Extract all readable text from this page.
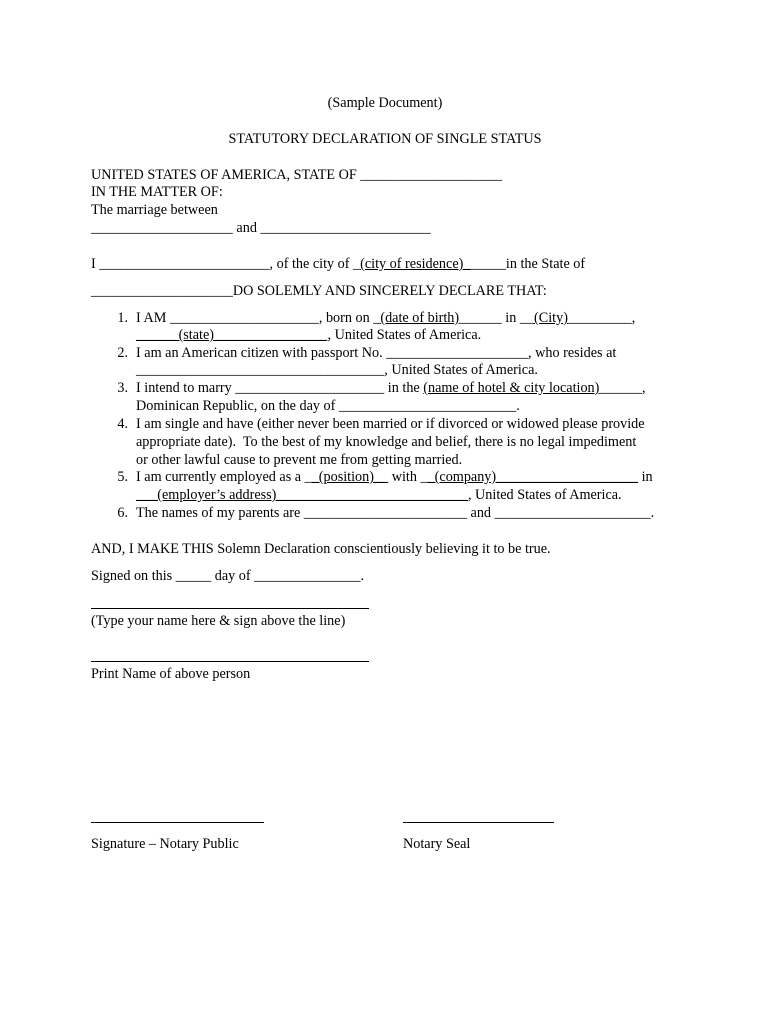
(Sample Document)
STATUTORY DECLARATION OF SINGLE STATUS
UNITED STATES OF AMERICA, STATE OF ____________________
IN THE MATTER OF:
The marriage between
____________________ and ________________________
I ________________________, of the city of _(city of residence)______in the State of
____________________DO SOLEMLY AND SINCERELY DECLARE THAT:
1. I AM _____________________, born on _(date of birth)______ in __(City)_________,
______(state)________________, United States of America.
2. I am an American citizen with passport No. ____________________, who resides at
___________________________________, United States of America.
3. I intend to marry _____________________ in the (name of hotel & city location)______,
Dominican Republic, on the day of _________________________.
4. I am single and have (either never been married or if divorced or widowed please provide
appropriate date).  To the best of my knowledge and belief, there is no legal impediment
or other lawful cause to prevent me from getting married.
5. I am currently employed as a __(position)__ with __(company)____________________ in
___(employer’s address)___________________________, United States of America.
6. The names of my parents are _______________________ and ______________________.
AND, I MAKE THIS Solemn Declaration conscientiously believing it to be true.
Signed on this _____ day of _______________.
(Type your name here & sign above the line)
Print Name of above person
Signature – Notary Public	Notary Seal
